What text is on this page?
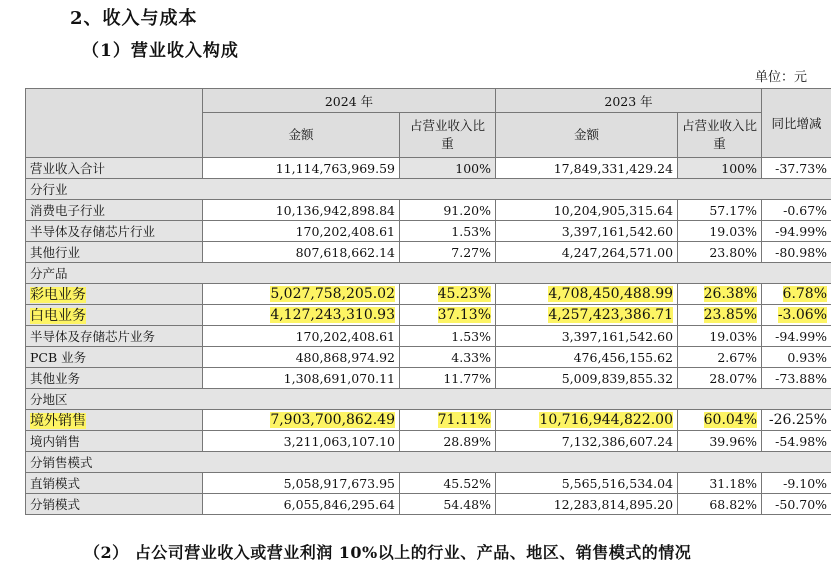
2、收入与成本
（1）营业收入构成
单位：元
	2024 年		2023 年		同比增减
	金额	占营业收入比重	金额	占营业收入比重	
营业收入合计	11,114,763,969.59	100%	17,849,331,429.24	100%	-37.73%
分行业					
消费电子行业	10,136,942,898.84	91.20%	10,204,905,315.64	57.17%	-0.67%
半导体及存储芯片行业	170,202,408.61	1.53%	3,397,161,542.60	19.03%	-94.99%
其他行业	807,618,662.14	7.27%	4,247,264,571.00	23.80%	-80.98%
分产品					
彩电业务	5,027,758,205.02	45.23%	4,708,450,488.99	26.38%	6.78%
白电业务	4,127,243,310.93	37.13%	4,257,423,386.71	23.85%	-3.06%
半导体及存储芯片业务	170,202,408.61	1.53%	3,397,161,542.60	19.03%	-94.99%
PCB 业务	480,868,974.92	4.33%	476,456,155.62	2.67%	0.93%
其他业务	1,308,691,070.11	11.77%	5,009,839,855.32	28.07%	-73.88%
分地区					
境外销售	7,903,700,862.49	71.11%	10,716,944,822.00	60.04%	-26.25%
境内销售	3,211,063,107.10	28.89%	7,132,386,607.24	39.96%	-54.98%
分销售模式					
直销模式	5,058,917,673.95	45.52%	5,565,516,534.04	31.18%	-9.10%
分销模式	6,055,846,295.64	54.48%	12,283,814,895.20	68.82%	-50.70%
（2） 占公司营业收入或营业利润 10%以上的行业、产品、地区、销售模式的情况
